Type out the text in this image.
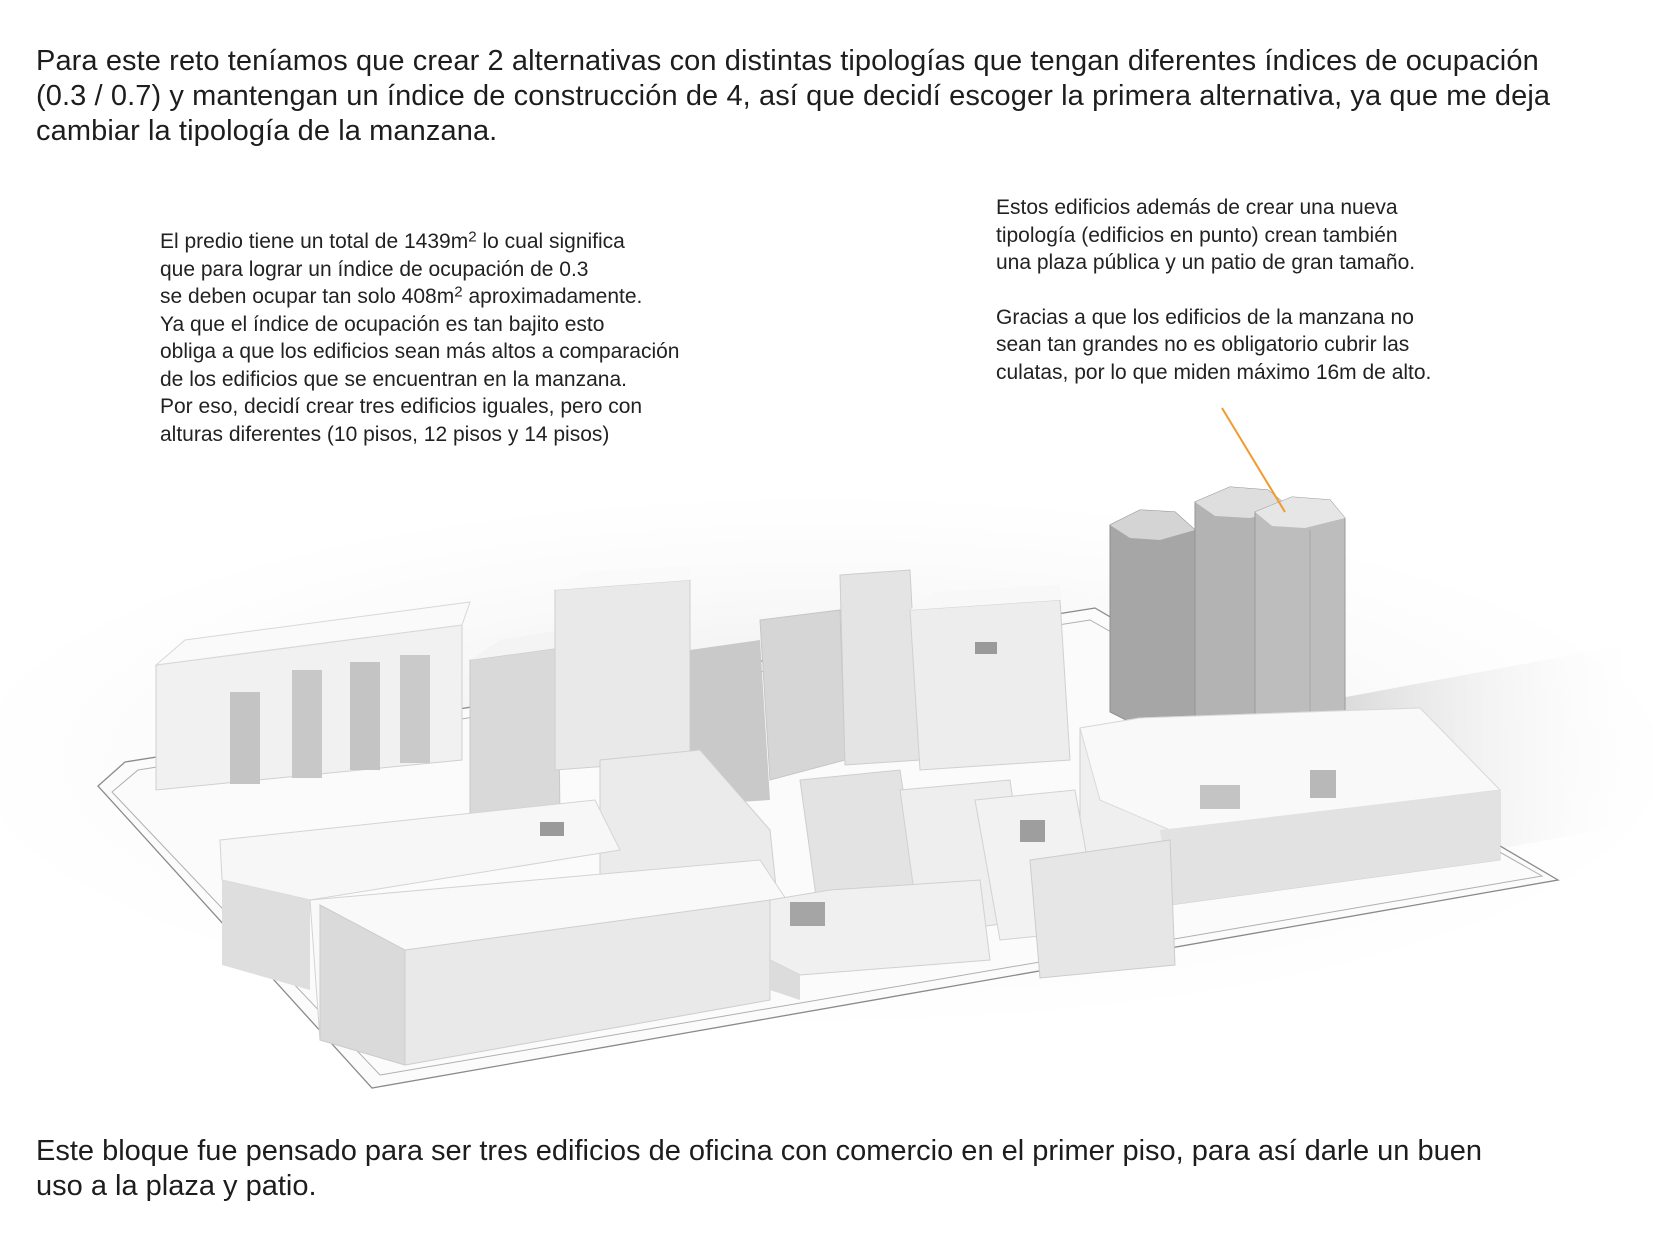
Para este reto teníamos que crear 2 alternativas con distintas tipologías que tengan diferentes índices de ocupación

(0.3 / 0.7) y mantengan un índice de construcción de 4, así que decidí escoger la primera alternativa, ya que me deja

cambiar la tipología de la manzana.

El predio tiene un total de $1439m^2$ lo cual significa

que para lograr un índice de ocupación de 0.3

se deben ocupar tan solo $408m^2$ aproximadamente.

Ya que el índice de ocupación es tan bajito esto

obliga a que los edificios sean más altos a comparación

de los edificios que se encuentran en la manzana.

Por eso, decidí crear tres edificios iguales, pero con

alturas diferentes (10 pisos, 12 pisos y 14 pisos)

Estos edificios además de crear una nueva

tipología (edificios en punto) crean también

una plaza pública y un patio de gran tamaño.

Gracias a que los edificios de la manzana no

sean tan grandes no es obligatorio cubrir las

culatas, por lo que miden máximo 16m de alto.

Este bloque fue pensado para ser tres edificios de oficina con comercio en el primer piso, para así darle un buen

uso a la plaza y patio.
